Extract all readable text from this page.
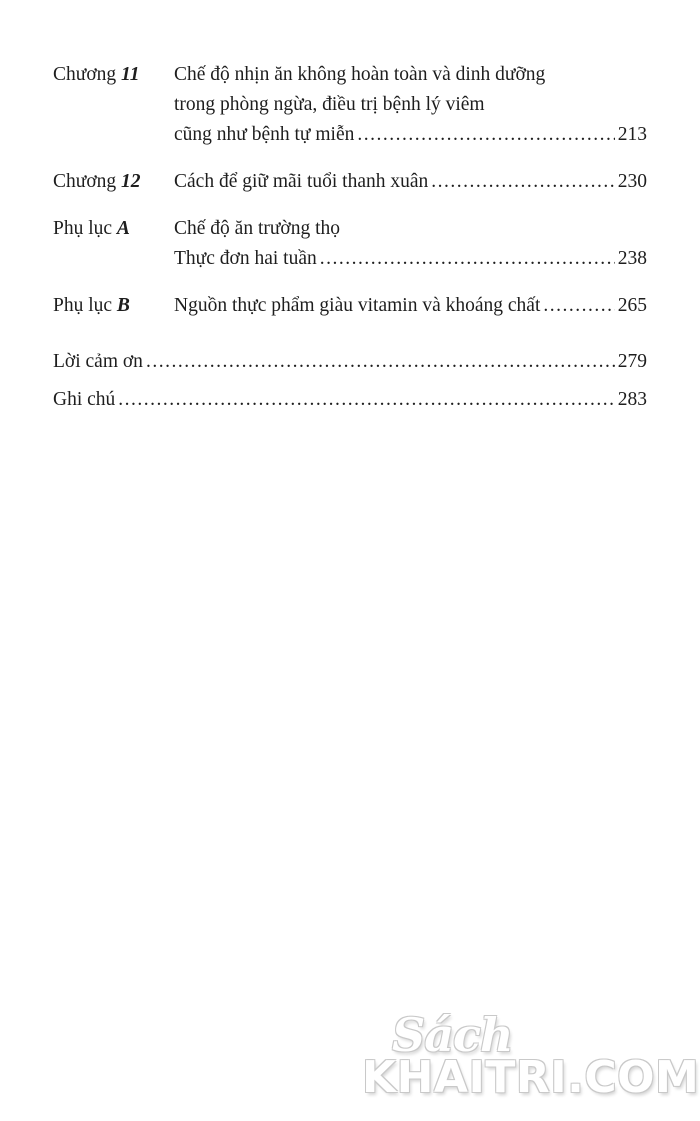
Chương 11	Chế độ nhịn ăn không hoàn toàn và dinh dưỡng
trong phòng ngừa, điều trị bệnh lý viêm
cũng như bệnh tự miễn .....	213
Chương 12	Cách để giữ mãi tuổi thanh xuân .....	230
Phụ lục A	Chế độ ăn trường thọ
Thực đơn hai tuần .....	238
Phụ lục B	Nguồn thực phẩm giàu vitamin và khoáng chất .....	265
Lời cảm ơn .....	279
Ghi chú .....	283
Sách
KHAITRI.COM
